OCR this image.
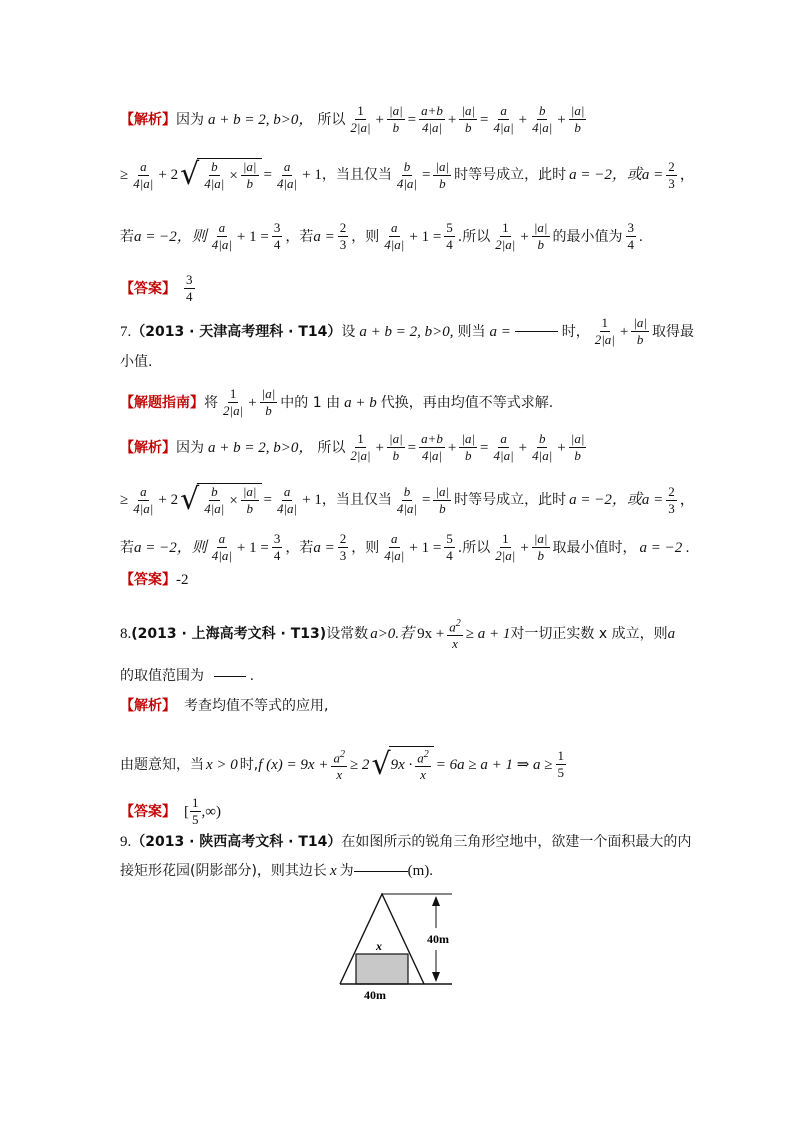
【解析】 因为 a + b = 2, b>0， 所以 $\frac{1}{2|a|} + \frac{|a|}{b} = \frac{a+b}{4|a|} + \frac{|a|}{b} = \frac{a}{4|a|} + \frac{b}{4|a|} + \frac{|a|}{b}$
≥ $\frac{a}{4|a|} + 2$ √ $\frac{b}{4|a|} \times \frac{|a|}{b} = \frac{a}{4|a|} + 1$ ，当且仅当 $\frac{b}{4|a|} = \frac{|a|}{b}$ 时等号成立，此时 a = −2，或 $a = \frac{2}{3}$ ，
若 a = −2，则 $\frac{a}{4|a|} + 1 = \frac{3}{4}$ ，若 $a = \frac{2}{3}$ ，则 $\frac{a}{4|a|} + 1 = \frac{5}{4}$ .所以 $\frac{1}{2|a|} + \frac{|a|}{b}$ 的最小值为 $\frac{3}{4}$ .
【答案】 $\frac{3}{4}$
7. （2013 · 天津高考理科 · T14） 设 a + b = 2, b>0, 则当 a =	时， $\frac{1}{2|a|} + \frac{|a|}{b}$ 取得最
小值.
【解题指南】 将 $\frac{1}{2|a|} + \frac{|a|}{b}$ 中的 1 由 a + b 代换，再由均值不等式求解.
【解析】 因为 a + b = 2, b>0， 所以 $\frac{1}{2|a|} + \frac{|a|}{b} = \frac{a+b}{4|a|} + \frac{|a|}{b} = \frac{a}{4|a|} + \frac{b}{4|a|} + \frac{|a|}{b}$
≥ $\frac{a}{4|a|} + 2$ √ $\frac{b}{4|a|} \times \frac{|a|}{b} = \frac{a}{4|a|} + 1$ ，当且仅当 $\frac{b}{4|a|} = \frac{|a|}{b}$ 时等号成立，此时 a = −2，或 $a = \frac{2}{3}$ ，
若 a = −2，则 $\frac{a}{4|a|} + 1 = \frac{3}{4}$ ，若 $a = \frac{2}{3}$ ，则 $\frac{a}{4|a|} + 1 = \frac{5}{4}$ .所以 $\frac{1}{2|a|} + \frac{|a|}{b}$ 取最小值时， a = −2 .
【答案】 -2
8. (2013 · 上海高考文科 · T13) 设常数 a>0.若 $9x + \frac{a^2}{x} \ge a + 1$ 对一切正实数 x 成立，则 a
的取值范围为	.
【解析】 考查均值不等式的应用,
由题意知，当 x > 0 时, f $(x) = 9x + \frac{a^2}{x} \ge 2$ √ $9x \cdot \frac{a^2}{x} = 6a \ge a + 1$ ⇒ $a \ge \frac{1}{5}$
【答案】 [ $\frac{1}{5}$ ,∞)
9. （2013 · 陕西高考文科 · T14） 在如图所示的锐角三角形空地中，欲建一个面积最大的内
接矩形花园(阴影部分)，则其边长 x 为	(m).
x	40m
40m
